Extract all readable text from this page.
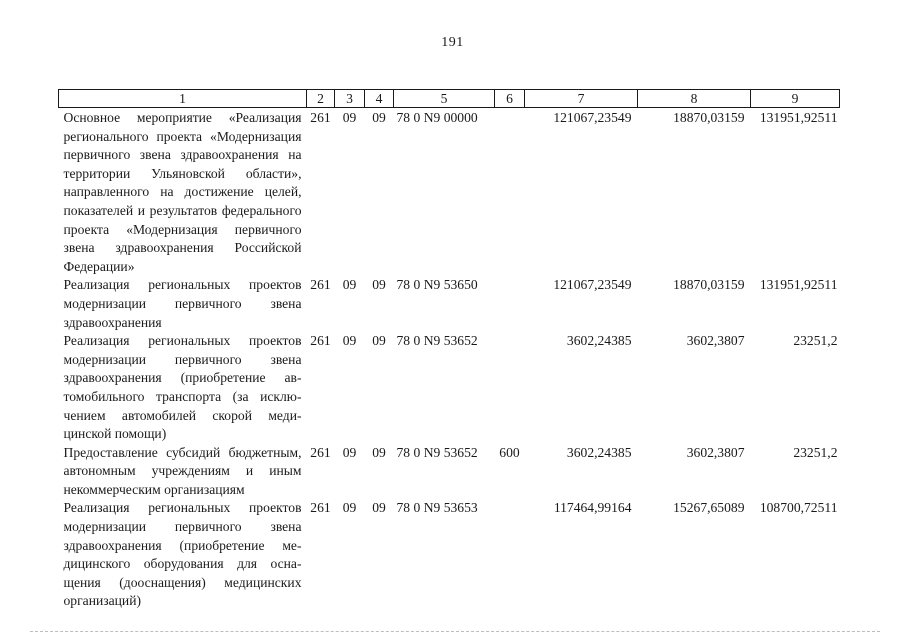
191
1	2	3	4	5	6	7	8	9
Основное мероприятие «Реализация регионального проекта «Модернизация первичного звена здравоохранения на территории Ульяновской области», направленного на достижение целей, показателей и результатов федерального проекта «Модернизация первичного звена здравоохранения Российской Федерации»	261	09	09	78 0 N9 00000		121067,23549	18870,03159	131951,92511
Реализация региональных проектов модернизации первичного звена здравоохранения	261	09	09	78 0 N9 53650		121067,23549	18870,03159	131951,92511
Реализация региональных проектов модернизации первичного звена здравоохранения (приобретение автомобильного транспорта (за исключением автомобилей скорой медицинской помощи)	261	09	09	78 0 N9 53652		3602,24385	3602,3807	23251,2
Предоставление субсидий бюджетным, автономным учреждениям и иным некоммерческим организациям	261	09	09	78 0 N9 53652	600	3602,24385	3602,3807	23251,2
Реализация региональных проектов модернизации первичного звена здравоохранения (приобретение медицинского оборудования для оснащения (дооснащения) медицинских организаций)	261	09	09	78 0 N9 53653		117464,99164	15267,65089	108700,72511
